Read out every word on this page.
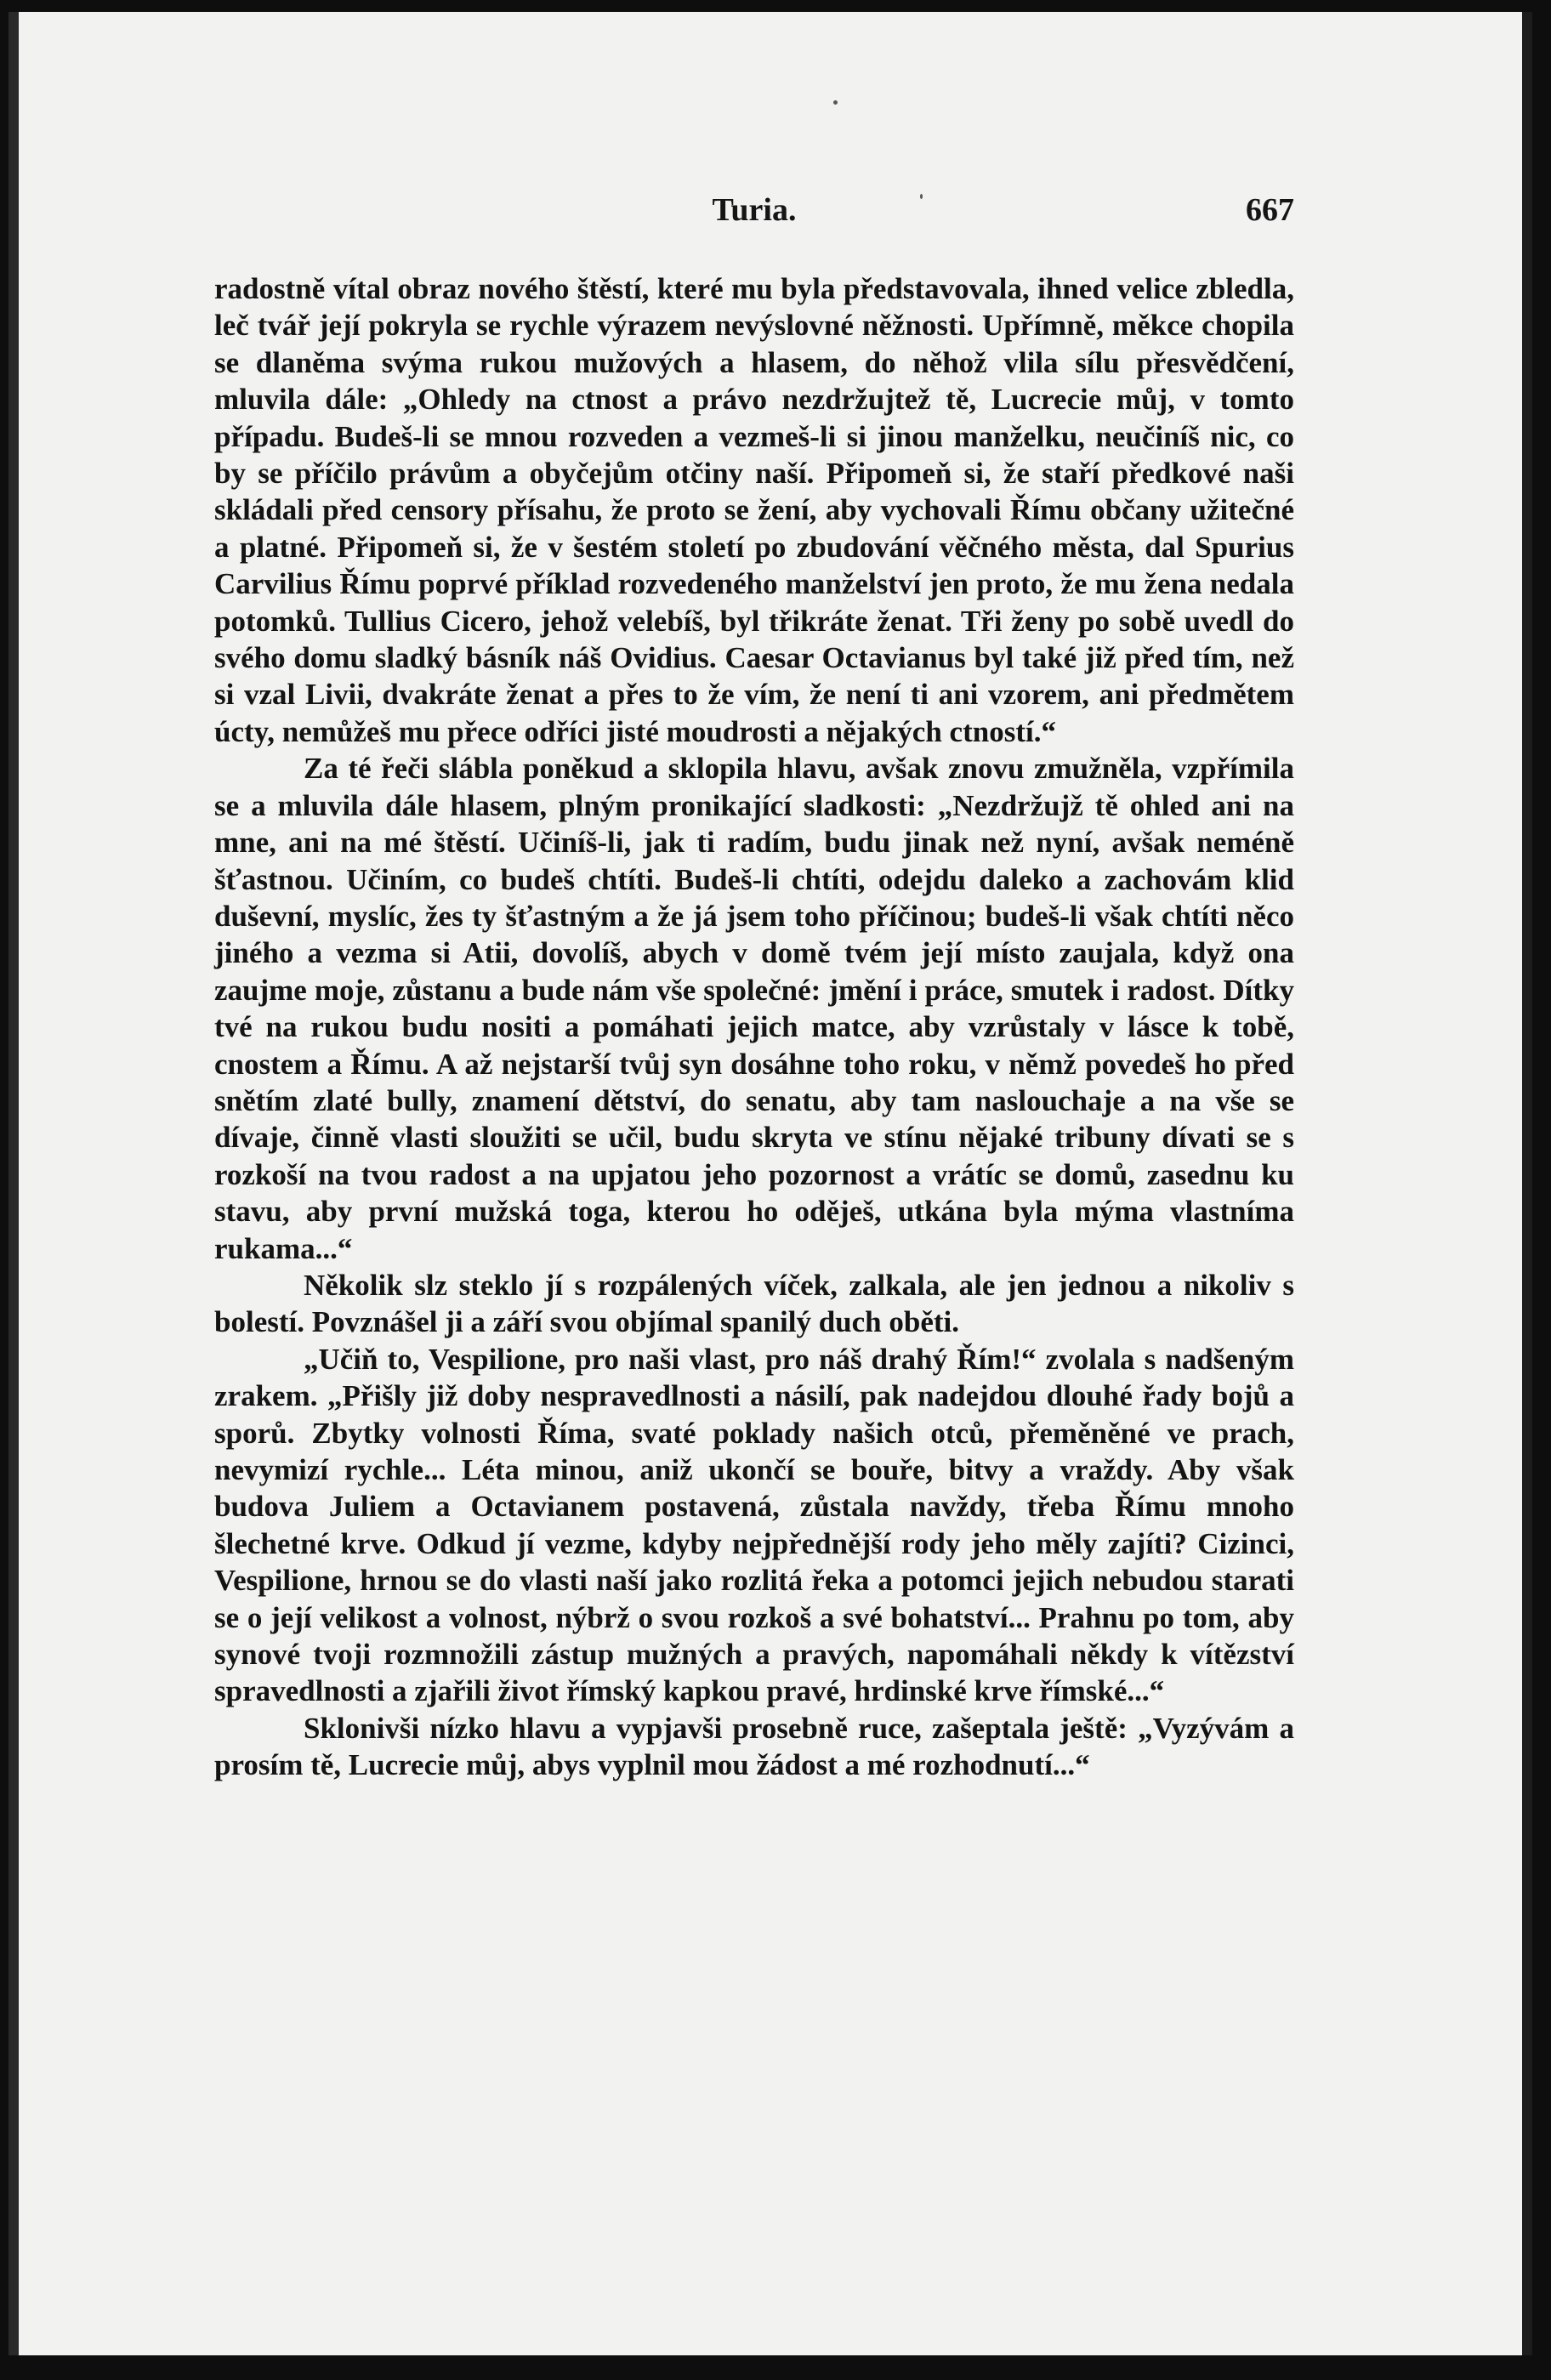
Turia.	667

radostně vítal obraz nového štěstí, které mu byla představovala, ihned velice zbledla, leč tvář její pokryla se rychle výrazem nevýslovné něžnosti. Upřímně, měkce chopila se dlaněma svýma rukou mužových a hlasem, do něhož vlila sílu přesvědčení, mluvila dále: „Ohledy na ctnost a právo nezdržujtež tě, Lucrecie můj, v tomto případu. Budeš-li se mnou rozveden a vezmeš-li si jinou manželku, neučiníš nic, co by se příčilo právům a obyčejům otčiny naší. Připomeň si, že staří předkové naši skládali před censory přísahu, že proto se žení, aby vychovali Římu občany užitečné a platné. Připomeň si, že v šestém století po zbudování věčného města, dal Spurius Carvilius Římu poprvé příklad rozvedeného manželství jen proto, že mu žena nedala potomků. Tullius Cicero, jehož velebíš, byl třikráte ženat. Tři ženy po sobě uvedl do svého domu sladký básník náš Ovidius. Caesar Octavianus byl také již před tím, než si vzal Livii, dvakráte ženat a přes to že vím, že není ti ani vzorem, ani předmětem úcty, nemůžeš mu přece odříci jisté moudrosti a nějakých ctností.“

Za té řeči slábla poněkud a sklopila hlavu, avšak znovu zmužněla, vzpřímila se a mluvila dále hlasem, plným pronikající sladkosti: „Nezdržujž tě ohled ani na mne, ani na mé štěstí. Učiníš-li, jak ti radím, budu jinak než nyní, avšak neméně šťastnou. Učiním, co budeš chtíti. Budeš-li chtíti, odejdu daleko a zachovám klid duševní, myslíc, žes ty šťastným a že já jsem toho příčinou; budeš-li však chtíti něco jiného a vezma si Atii, dovolíš, abych v domě tvém její místo zaujala, když ona zaujme moje, zůstanu a bude nám vše společné: jmění i práce, smutek i radost. Dítky tvé na rukou budu nositi a pomáhati jejich matce, aby vzrůstaly v lásce k tobě, cnostem a Římu. A až nejstarší tvůj syn dosáhne toho roku, v němž povedeš ho před snětím zlaté bully, znamení dětství, do senatu, aby tam naslouchaje a na vše se dívaje, činně vlasti sloužiti se učil, budu skryta ve stínu nějaké tribuny dívati se s rozkoší na tvou radost a na upjatou jeho pozornost a vrátíc se domů, zasednu ku stavu, aby první mužská toga, kterou ho oděješ, utkána byla mýma vlastníma rukama...“

Několik slz steklo jí s rozpálených víček, zalkala, ale jen jednou a nikoliv s bolestí. Povznášel ji a září svou objímal spanilý duch oběti.

„Učiň to, Vespilione, pro naši vlast, pro náš drahý Řím!“ zvolala s nadšeným zrakem. „Přišly již doby nespravedlnosti a násilí, pak nadejdou dlouhé řady bojů a sporů. Zbytky volnosti Říma, svaté poklady našich otců, přeměněné ve prach, nevymizí rychle... Léta minou, aniž ukončí se bouře, bitvy a vraždy. Aby však budova Juliem a Octavianem postavená, zůstala navždy, třeba Římu mnoho šlechetné krve. Odkud jí vezme, kdyby nejpřednější rody jeho měly zajíti? Cizinci, Vespilione, hrnou se do vlasti naší jako rozlitá řeka a potomci jejich nebudou starati se o její velikost a volnost, nýbrž o svou rozkoš a své bohatství... Prahnu po tom, aby synové tvoji rozmnožili zástup mužných a pravých, napomáhali někdy k vítězství spravedlnosti a zjařili život římský kapkou pravé, hrdinské krve římské...“

Sklonivši nízko hlavu a vypjavši prosebně ruce, zašeptala ještě: „Vyzývám a prosím tě, Lucrecie můj, abys vyplnil mou žádost a mé rozhodnutí...“
